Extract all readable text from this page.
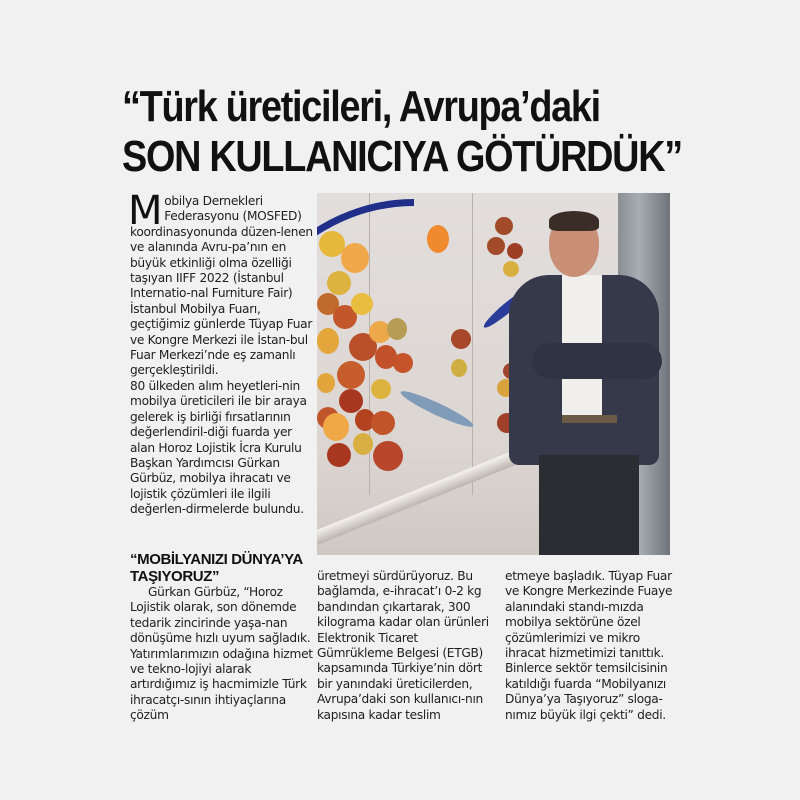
“Türk üreticileri, Avrupa’daki
SON KULLANICIYA GÖTÜRDÜK”

Mobilya Dernekleri Federasyonu (MOSFED) koordinasyonunda düzen-lenen ve alanında Avru-pa’nın en büyük etkinliği olma özelliği taşıyan IIFF 2022 (İstanbul Internatio-nal Furniture Fair) İstanbul Mobilya Fuarı, geçtiğimiz günlerde Tüyap Fuar ve Kongre Merkezi ile İstan-bul Fuar Merkezi’nde eş zamanlı gerçekleştirildi.

80 ülkeden alım heyetleri-nin mobilya üreticileri ile bir araya gelerek iş birliği fırsatlarının değerlendiril-diği fuarda yer alan Horoz Lojistik İcra Kurulu Başkan Yardımcısı Gürkan Gürbüz, mobilya ihracatı ve lojistik çözümleri ile ilgili değerlen-dirmelerde bulundu.

“MOBİLYANIZI DÜNYA’YA TAŞIYORUZ”

Gürkan Gürbüz, “Horoz Lojistik olarak, son dönemde tedarik zincirinde yaşa-nan dönüşüme hızlı uyum sağladık. Yatırımlarımızın odağına hizmet ve tekno-lojiyi alarak artırdığımız iş hacmimizle Türk ihracatçı-sının ihtiyaçlarına çözüm

üretmeyi sürdürüyoruz. Bu bağlamda, e-ihracat’ı 0-2 kg bandından çıkartarak, 300 kilograma kadar olan ürünleri Elektronik Ticaret Gümrükleme Belgesi (ETGB) kapsamında Türkiye’nin dört bir yanındaki üreticilerden, Avrupa’daki son kullanıcı-nın kapısına kadar teslim

etmeye başladık. Tüyap Fuar ve Kongre Merkezinde Fuaye alanındaki standı-mızda mobilya sektörüne özel çözümlerimizi ve mikro ihracat hizmetimizi tanıttık. Binlerce sektör temsilcisinin katıldığı fuarda “Mobilyanızı Dünya’ya Taşıyoruz” sloga-nımız büyük ilgi çekti” dedi.
